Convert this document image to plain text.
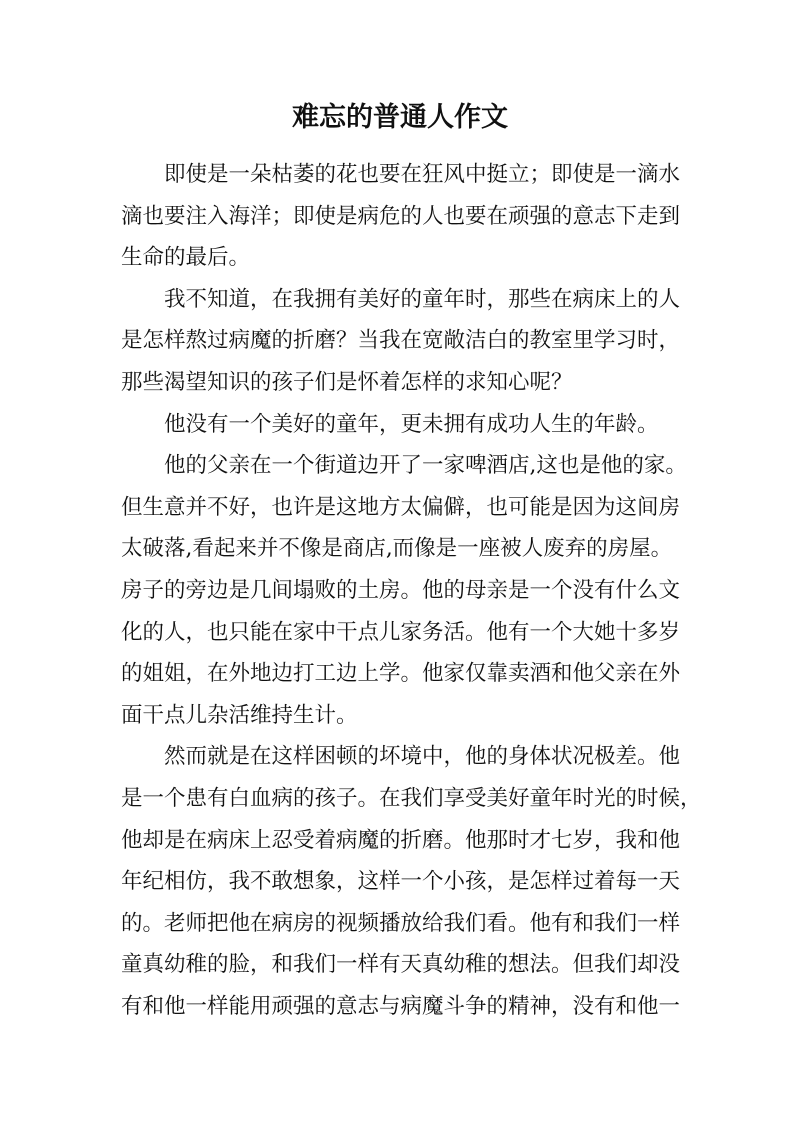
难忘的普通人作文
即使是一朵枯萎的花也要在狂风中挺立；即使是一滴水
滴也要注入海洋；即使是病危的人也要在顽强的意志下走到
生命的最后。
我不知道，在我拥有美好的童年时，那些在病床上的人
是怎样熬过病魔的折磨？当我在宽敞洁白的教室里学习时，
那些渴望知识的孩子们是怀着怎样的求知心呢？
他没有一个美好的童年，更未拥有成功人生的年龄。
他的父亲在一个街道边开了一家啤酒店,这也是他的家。
但生意并不好，也许是这地方太偏僻，也可能是因为这间房
太破落,看起来并不像是商店,而像是一座被人废弃的房屋。
房子的旁边是几间塌败的土房。他的母亲是一个没有什么文
化的人，也只能在家中干点儿家务活。他有一个大她十多岁
的姐姐，在外地边打工边上学。他家仅靠卖酒和他父亲在外
面干点儿杂活维持生计。
然而就是在这样困顿的坏境中，他的身体状况极差。他
是一个患有白血病的孩子。在我们享受美好童年时光的时候，
他却是在病床上忍受着病魔的折磨。他那时才七岁，我和他
年纪相仿，我不敢想象，这样一个小孩，是怎样过着每一天
的。老师把他在病房的视频播放给我们看。他有和我们一样
童真幼稚的脸，和我们一样有天真幼稚的想法。但我们却没
有和他一样能用顽强的意志与病魔斗争的精神，没有和他一
